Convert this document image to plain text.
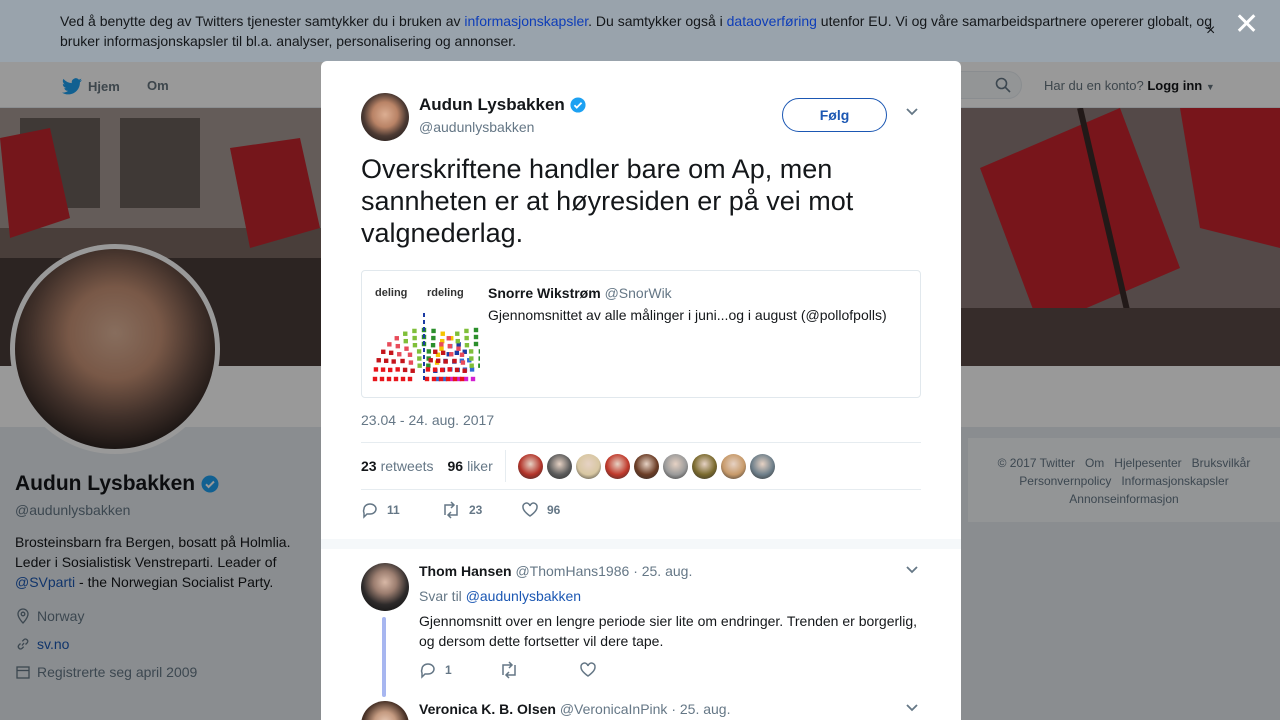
Hjem Om	Har du en konto? Logg inn ▼
Audun Lysbakken
@audunlysbakken
Brosteinsbarn fra Bergen, bosatt på Holmlia. Leder i Sosialistisk Venstreparti. Leader of @SVparti - the Norwegian Socialist Party.
Norway
sv.no
Registrerte seg april 2009
© 2017 Twitter Om Hjelpesenter Bruksvilkår
Personvernpolicy Informasjonskapsler
Annonseinformasjon
Ved å benytte deg av Twitters tjenester samtykker du i bruken av informasjonskapsler. Du samtykker også i dataoverføring utenfor EU. Vi og våre samarbeidspartnere opererer globalt, og bruker informasjonskapsler til bl.a. analyser, personalisering og annonser.
× ✕
Audun Lysbakken
@audunlysbakken
Følg
Overskriftene handler bare om Ap, men sannheten er at høyresiden er på vei mot valgnederlag.
deling rdeling Snorre Wikstrøm @SnorWik
Gjennomsnittet av alle målinger i juni...og i august (@pollofpolls)
23.04 - 24. aug. 2017
23 retweets 96 liker
11	23	96
Thom Hansen @ThomHans1986 · 25. aug.
Svar til @audunlysbakken
Gjennomsnitt over en lengre periode sier lite om endringer. Trenden er borgerlig, og dersom dette fortsetter vil dere tape.
1
Veronica K. B. Olsen @VeronicaInPink · 25. aug.
